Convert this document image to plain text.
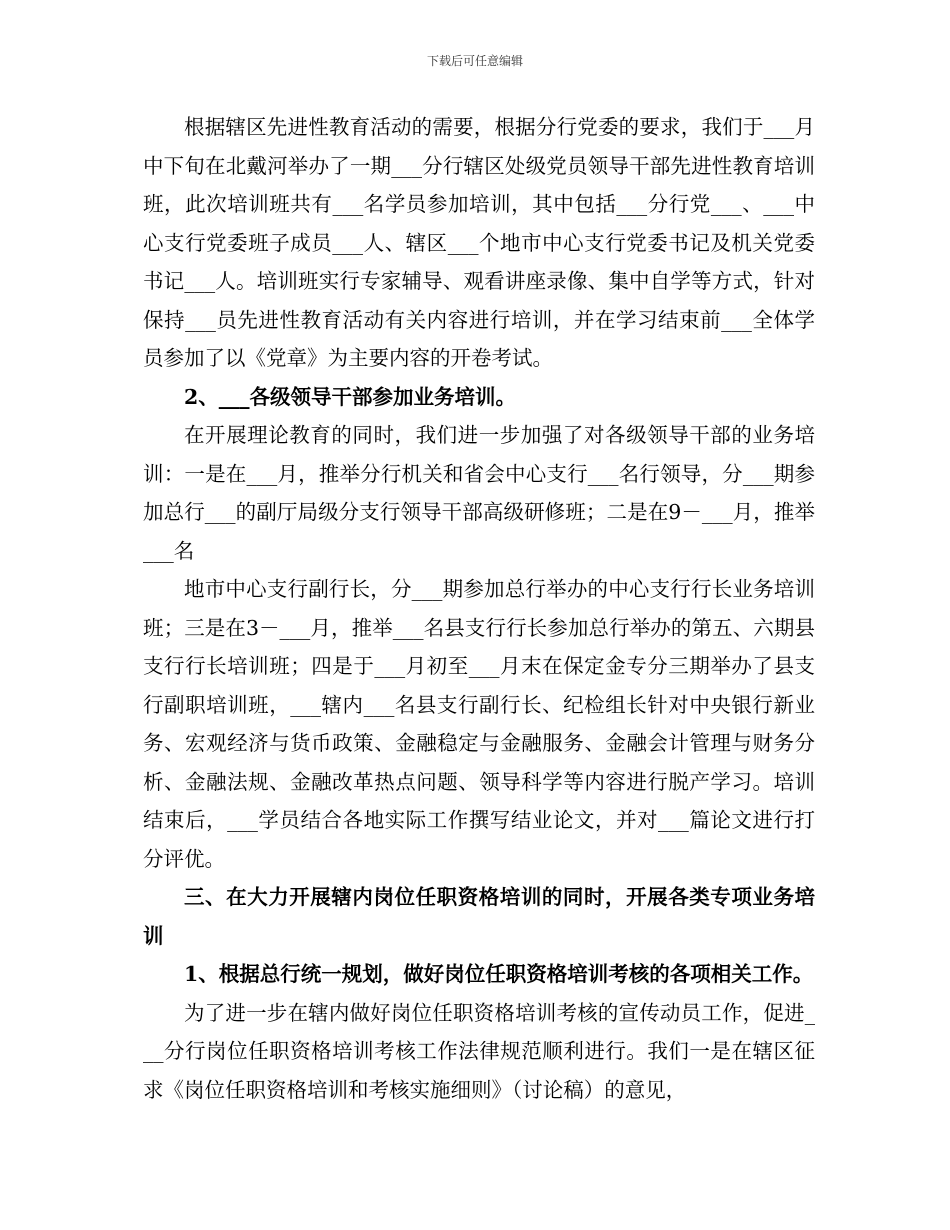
下载后可任意编辑

根据辖区先进性教育活动的需要，根据分行党委的要求，我们于___月中下旬在北戴河举办了一期___分行辖区处级党员领导干部先进性教育培训班，此次培训班共有___名学员参加培训，其中包括___分行党___、___中心支行党委班子成员___人、辖区___个地市中心支行党委书记及机关党委书记___人。培训班实行专家辅导、观看讲座录像、集中自学等方式，针对保持___员先进性教育活动有关内容进行培训，并在学习结束前___全体学员参加了以《党章》为主要内容的开卷考试。

2、___各级领导干部参加业务培训。

在开展理论教育的同时，我们进一步加强了对各级领导干部的业务培训：一是在___月，推举分行机关和省会中心支行___名行领导，分___期参加总行___的副厅局级分支行领导干部高级研修班；二是在9－___月，推举___名

地市中心支行副行长，分___期参加总行举办的中心支行行长业务培训班；三是在3－___月，推举___名县支行行长参加总行举办的第五、六期县支行行长培训班；四是于___月初至___月末在保定金专分三期举办了县支行副职培训班，___辖内___名县支行副行长、纪检组长针对中央银行新业务、宏观经济与货币政策、金融稳定与金融服务、金融会计管理与财务分析、金融法规、金融改革热点问题、领导科学等内容进行脱产学习。培训结束后，___学员结合各地实际工作撰写结业论文，并对___篇论文进行打分评优。

三、在大力开展辖内岗位任职资格培训的同时，开展各类专项业务培训

1、根据总行统一规划，做好岗位任职资格培训考核的各项相关工作。

为了进一步在辖内做好岗位任职资格培训考核的宣传动员工作，促进___分行岗位任职资格培训考核工作法律规范顺利进行。我们一是在辖区征求《岗位任职资格培训和考核实施细则》（讨论稿）的意见，
